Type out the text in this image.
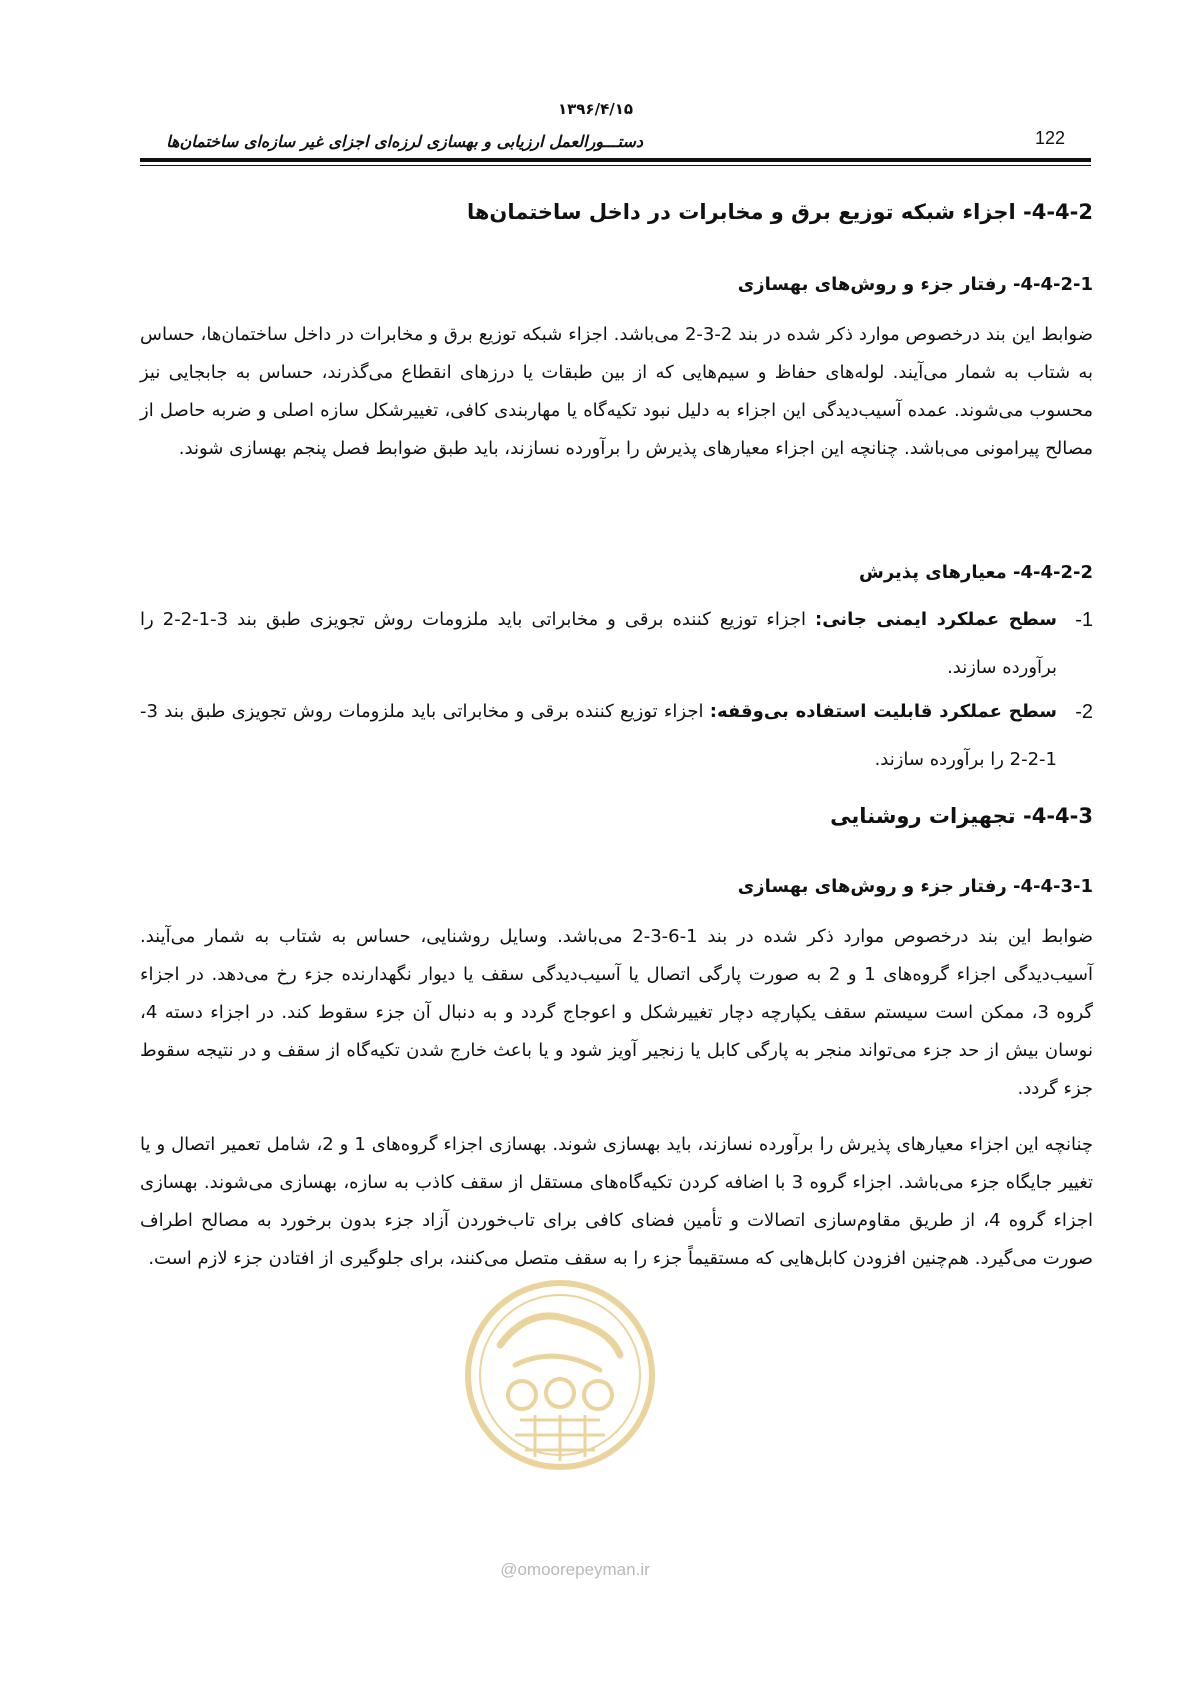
۱۳۹۶/۴/۱۵
دستـــورالعمل ارزیابی و بهسازی لرزه‌ای اجزای غیر سازه‌ای ساختمان‌ها	122
4-4-2- اجزاء شبکه توزیع برق و مخابرات در داخل ساختمان‌ها
4-4-2-1- رفتار جزء و روش‌های بهسازی
ضوابط این بند درخصوص موارد ذکر شده در بند 2-3-2 می‌باشد. اجزاء شبکه توزیع برق و مخابرات در داخل ساختمان‌ها، حساس به شتاب به شمار می‌آیند. لوله‌های حفاظ و سیم‌هایی که از بین طبقات یا درزهای انقطاع می‌گذرند، حساس به جابجایی نیز محسوب می‌شوند. عمده آسیب‌دیدگی این اجزاء به دلیل نبود تکیه‌گاه یا مهاربندی کافی، تغییرشکل سازه اصلی و ضربه حاصل از مصالح پیرامونی می‌باشد. چنانچه این اجزاء معیارهای پذیرش را برآورده نسازند، باید طبق ضوابط فصل پنجم بهسازی شوند.
4-4-2-2- معیارهای پذیرش
1-
سطح عملکرد ایمنی جانی: اجزاء توزیع کننده برقی و مخابراتی باید ملزومات روش تجویزی طبق بند 3-1-2-2 را برآورده سازند.
2-
سطح عملکرد قابلیت استفاده بی‌وقفه: اجزاء توزیع کننده برقی و مخابراتی باید ملزومات روش تجویزی طبق بند 3-1-2-2 را برآورده سازند.
4-4-3- تجهیزات روشنایی
4-4-3-1- رفتار جزء و روش‌های بهسازی
ضوابط این بند درخصوص موارد ذکر شده در بند 1-6-3-2 می‌باشد. وسایل روشنایی، حساس به شتاب به شمار می‌آیند. آسیب‌دیدگی اجزاء گروه‌های 1 و 2 به صورت پارگی اتصال یا آسیب‌دیدگی سقف یا دیوار نگهدارنده جزء رخ می‌دهد. در اجزاء گروه 3، ممکن است سیستم سقف یکپارچه دچار تغییرشکل و اعوجاج گردد و به دنبال آن جزء سقوط کند. در اجزاء دسته 4، نوسان بیش از حد جزء می‌تواند منجر به پارگی کابل یا زنجیر آویز شود و یا باعث خارج شدن تکیه‌گاه از سقف و در نتیجه سقوط جزء گردد.
چنانچه این اجزاء معیارهای پذیرش را برآورده نسازند، باید بهسازی شوند. بهسازی اجزاء گروه‌های 1 و 2، شامل تعمیر اتصال و یا تغییر جایگاه جزء می‌باشد. اجزاء گروه 3 با اضافه کردن تکیه‌گاه‌های مستقل از سقف کاذب به سازه، بهسازی می‌شوند. بهسازی اجزاء گروه 4، از طریق مقاوم‌سازی اتصالات و تأمین فضای کافی برای تاب‌خوردن آزاد جزء بدون برخورد به مصالح اطراف صورت می‌گیرد. هم‌چنین افزودن کابل‌هایی که مستقیماً جزء را به سقف متصل می‌کنند، برای جلوگیری از افتادن جزء لازم است.
@omoorepeyman.ir
